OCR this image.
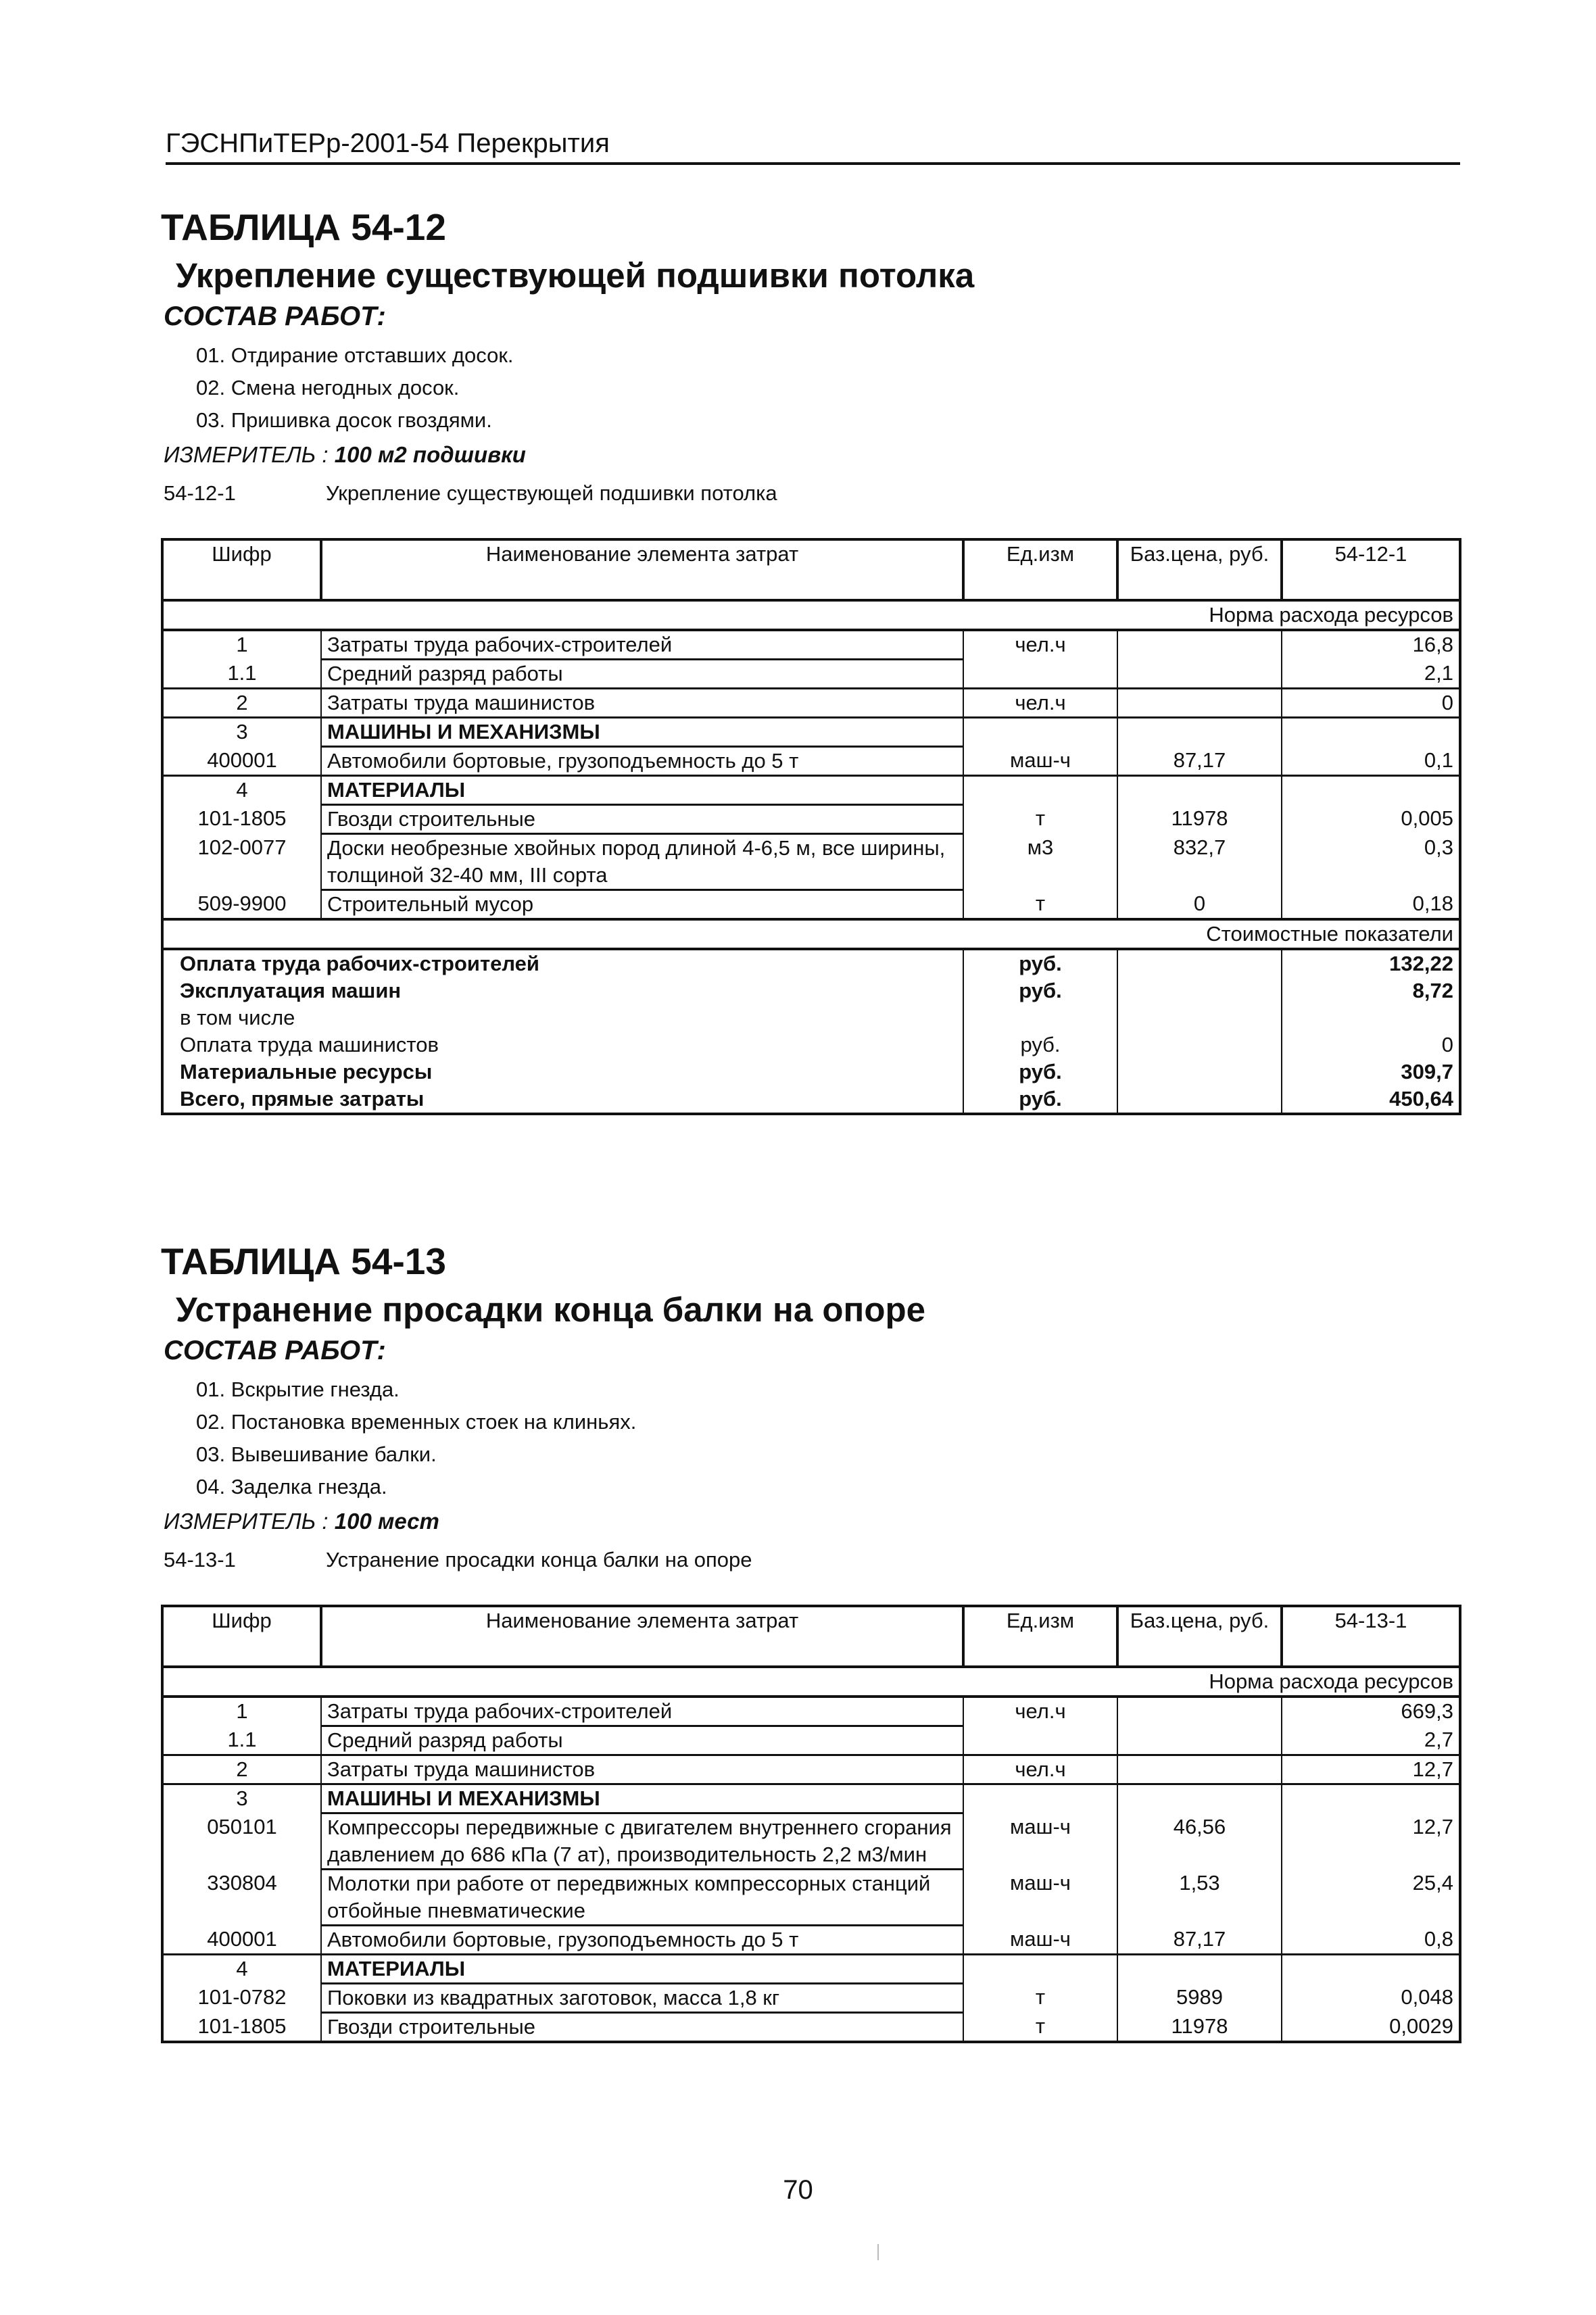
ГЭСНПиТЕРр-2001-54 Перекрытия
ТАБЛИЦА 54-12
Укрепление существующей подшивки потолка
СОСТАВ РАБОТ:
01. Отдирание отставших досок.
02. Смена негодных досок.
03. Пришивка досок гвоздями.
ИЗМЕРИТЕЛЬ : 100 м2 подшивки
54-12-1	Укрепление существующей подшивки потолка
Шифр	Наименование элемента затрат	Ед.изм	Баз.цена, руб.	54-12-1
Норма расхода ресурсов				
1	Затраты труда рабочих-строителей	чел.ч		16,8
1.1	Средний разряд работы			2,1
2	Затраты труда машинистов	чел.ч		0
3	МАШИНЫ И МЕХАНИЗМЫ			
400001	Автомобили бортовые, грузоподъемность до 5 т	маш-ч	87,17	0,1
4	МАТЕРИАЛЫ			
101-1805	Гвозди строительные	т	11978	0,005
102-0077	Доски необрезные хвойных пород длиной 4-6,5 м, все ширины, толщиной 32-40 мм, III сорта	м3	832,7	0,3
509-9900	Строительный мусор	т	0	0,18
Стоимостные показатели				
Оплата труда рабочих-строителей		руб.		132,22
Эксплуатация машин		руб.		8,72
в том числе				
Оплата труда машинистов		руб.		0
Материальные ресурсы		руб.		309,7
Всего, прямые затраты		руб.		450,64
ТАБЛИЦА 54-13
Устранение просадки конца балки на опоре
СОСТАВ РАБОТ:
01. Вскрытие гнезда.
02. Постановка временных стоек на клиньях.
03. Вывешивание балки.
04. Заделка гнезда.
ИЗМЕРИТЕЛЬ : 100 мест
54-13-1	Устранение просадки конца балки на опоре
Шифр	Наименование элемента затрат	Ед.изм	Баз.цена, руб.	54-13-1
Норма расхода ресурсов				
1	Затраты труда рабочих-строителей	чел.ч		669,3
1.1	Средний разряд работы			2,7
2	Затраты труда машинистов	чел.ч		12,7
3	МАШИНЫ И МЕХАНИЗМЫ			
050101	Компрессоры передвижные с двигателем внутреннего сгорания давлением до 686 кПа (7 ат), производительность 2,2 м3/мин	маш-ч	46,56	12,7
330804	Молотки при работе от передвижных компрессорных станций отбойные пневматические	маш-ч	1,53	25,4
400001	Автомобили бортовые, грузоподъемность до 5 т	маш-ч	87,17	0,8
4	МАТЕРИАЛЫ			
101-0782	Поковки из квадратных заготовок, масса 1,8 кг	т	5989	0,048
101-1805	Гвозди строительные	т	11978	0,0029
70
